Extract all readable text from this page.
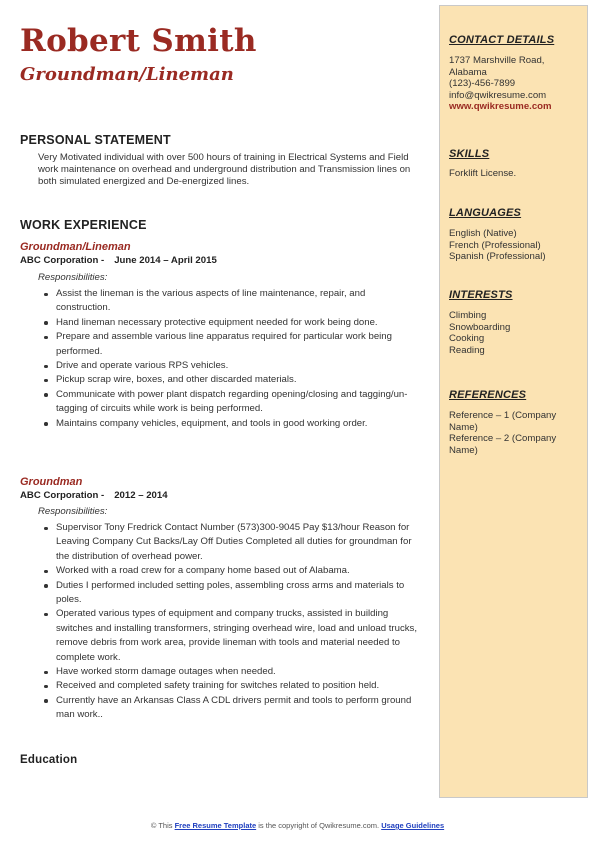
Robert Smith
Groundman/Lineman
PERSONAL STATEMENT
Very Motivated individual with over 500 hours of training in Electrical Systems and Field work maintenance on overhead and underground distribution and Transmission lines on both simulated energized and De-energized lines.
WORK EXPERIENCE
Groundman/Lineman
ABC Corporation - June 2014 – April 2015
Responsibilities:
Assist the lineman is the various aspects of line maintenance, repair, and construction.
Hand lineman necessary protective equipment needed for work being done.
Prepare and assemble various line apparatus required for particular work being performed.
Drive and operate various RPS vehicles.
Pickup scrap wire, boxes, and other discarded materials.
Communicate with power plant dispatch regarding opening/closing and tagging/un-tagging of circuits while work is being performed.
Maintains company vehicles, equipment, and tools in good working order.
Groundman
ABC Corporation - 2012 – 2014
Responsibilities:
Supervisor Tony Fredrick Contact Number (573)300-9045 Pay $13/hour Reason for Leaving Company Cut Backs/Lay Off Duties Completed all duties for groundman for the distribution of overhead power.
Worked with a road crew for a company home based out of Alabama.
Duties I performed included setting poles, assembling cross arms and materials to poles.
Operated various types of equipment and company trucks, assisted in building switches and installing transformers, stringing overhead wire, load and unload trucks, remove debris from work area, provide lineman with tools and material needed to complete work.
Have worked storm damage outages when needed.
Received and completed safety training for switches related to position held.
Currently have an Arkansas Class A CDL drivers permit and tools to perform ground man work..
Education
CONTACT DETAILS
1737 Marshville Road,
Alabama
(123)-456-7899
info@qwikresume.com
www.qwikresume.com
SKILLS
Forklift License.
LANGUAGES
English (Native)
French (Professional)
Spanish (Professional)
INTERESTS
Climbing
Snowboarding
Cooking
Reading
REFERENCES
Reference – 1 (Company Name)
Reference – 2 (Company Name)
© This Free Resume Template is the copyright of Qwikresume.com. Usage Guidelines
